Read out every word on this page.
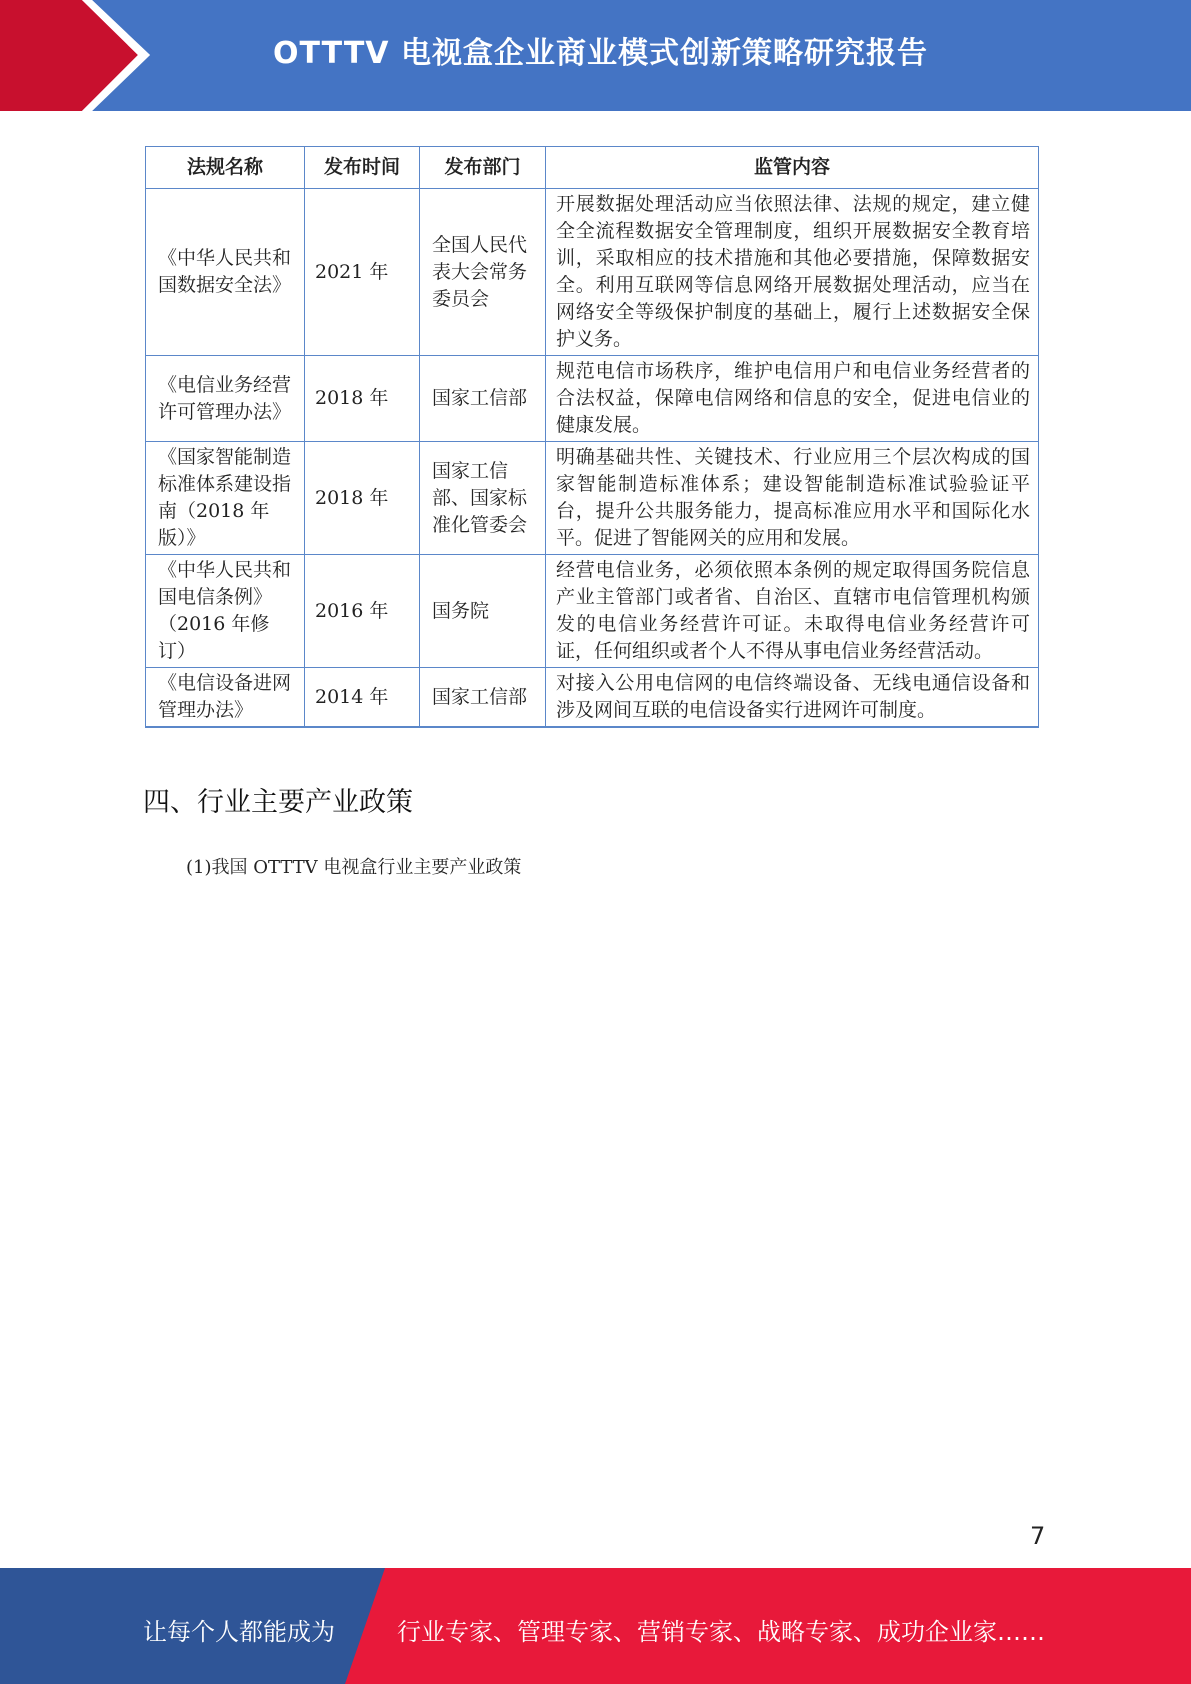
OTTTV 电视盒企业商业模式创新策略研究报告
法规名称	发布时间	发布部门	监管内容
《中华人民共和国数据安全法》	2021 年	全国人民代表大会常务委员会	开展数据处理活动应当依照法律、法规的规定，建立健全全流程数据安全管理制度，组织开展数据安全教育培训，采取相应的技术措施和其他必要措施，保障数据安全。利用互联网等信息网络开展数据处理活动，应当在网络安全等级保护制度的基础上，履行上述数据安全保护义务。
《电信业务经营许可管理办法》	2018 年	国家工信部	规范电信市场秩序，维护电信用户和电信业务经营者的合法权益，保障电信网络和信息的安全，促进电信业的健康发展。
《国家智能制造标准体系建设指南（2018 年版）》	2018 年	国家工信部、国家标准化管委会	明确基础共性、关键技术、行业应用三个层次构成的国家智能制造标准体系；建设智能制造标准试验验证平台，提升公共服务能力，提高标准应用水平和国际化水平。促进了智能网关的应用和发展。
《中华人民共和国电信条例》（2016 年修订）	2016 年	国务院	经营电信业务，必须依照本条例的规定取得国务院信息产业主管部门或者省、自治区、直辖市电信管理机构颁发的电信业务经营许可证。未取得电信业务经营许可证，任何组织或者个人不得从事电信业务经营活动。
《电信设备进网管理办法》	2014 年	国家工信部	对接入公用电信网的电信终端设备、无线电通信设备和涉及网间互联的电信设备实行进网许可制度。
四、行业主要产业政策
(1)我国 OTTTV 电视盒行业主要产业政策
7
让每个人都能成为	行业专家、管理专家、营销专家、战略专家、成功企业家……
